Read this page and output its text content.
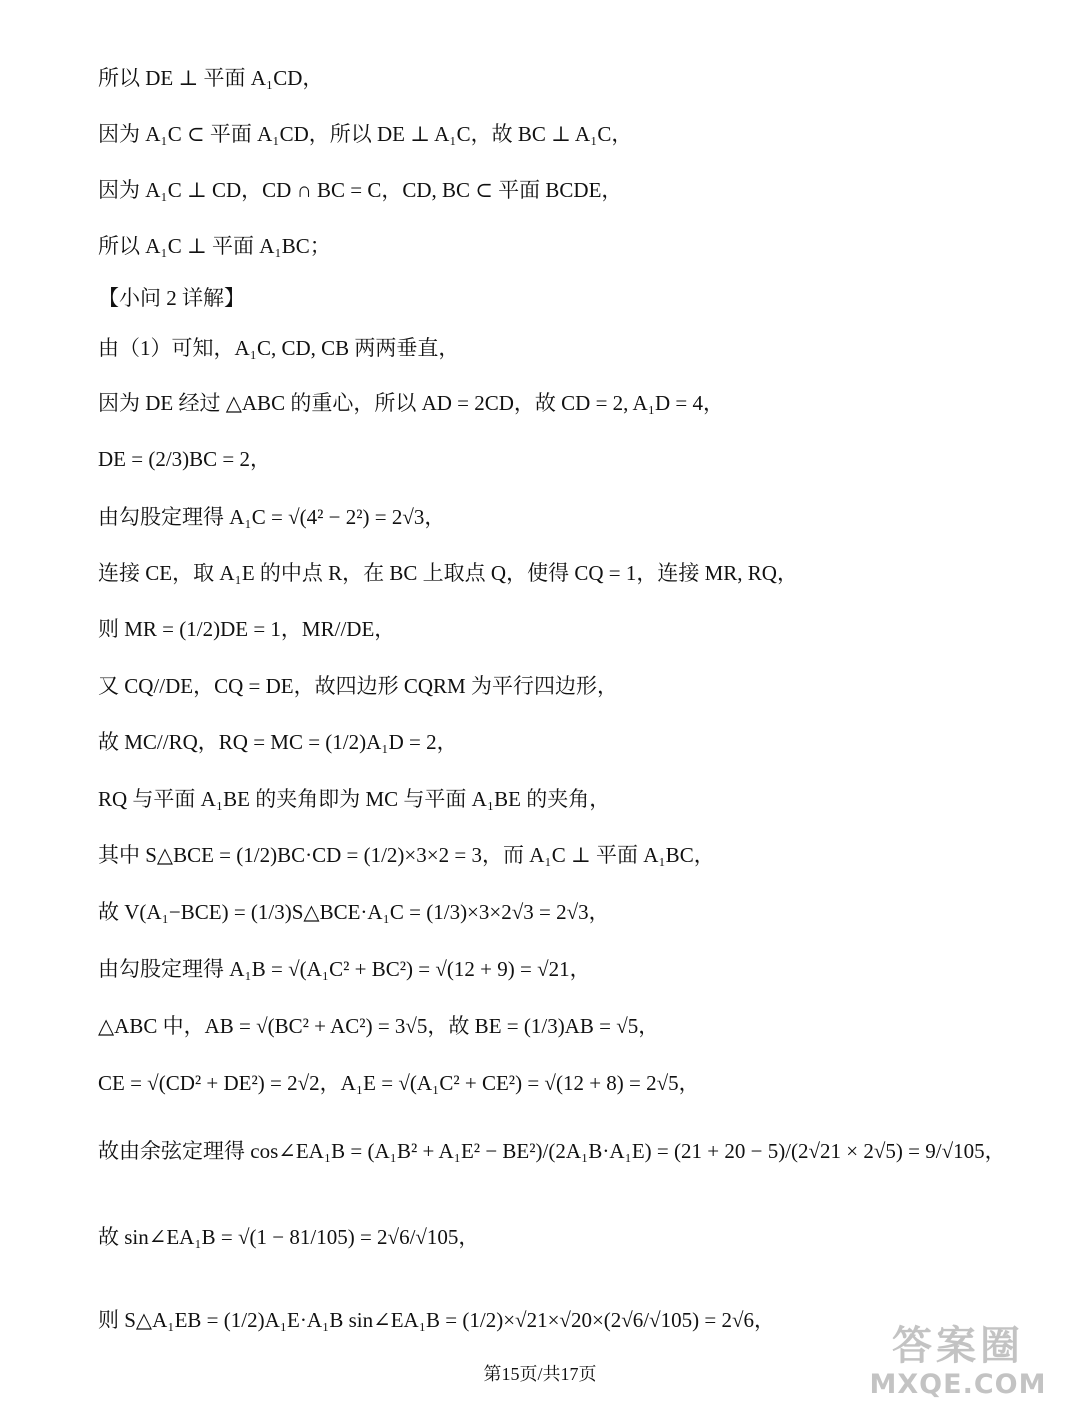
所以 DE ⊥ 平面 A₁CD，
因为 A₁C ⊂ 平面 A₁CD，所以 DE ⊥ A₁C，故 BC ⊥ A₁C，
因为 A₁C ⊥ CD，CD ∩ BC = C，CD, BC ⊂ 平面 BCDE，
所以 A₁C ⊥ 平面 A₁BC；
【小问 2 详解】
由（1）可知，A₁C, CD, CB 两两垂直，
因为 DE 经过 △ABC 的重心，所以 AD = 2CD，故 CD = 2, A₁D = 4，
DE = (2/3)BC = 2，
由勾股定理得 A₁C = √(4² − 2²) = 2√3，
连接 CE，取 A₁E 的中点 R，在 BC 上取点 Q，使得 CQ = 1，连接 MR, RQ，
则 MR = (1/2)DE = 1，MR//DE，
又 CQ//DE，CQ = DE，故四边形 CQRM 为平行四边形，
故 MC//RQ，RQ = MC = (1/2)A₁D = 2，
RQ 与平面 A₁BE 的夹角即为 MC 与平面 A₁BE 的夹角，
其中 S△BCE = (1/2)BC·CD = (1/2)×3×2 = 3，而 A₁C ⊥ 平面 A₁BC，
故 V(A₁−BCE) = (1/3)S△BCE·A₁C = (1/3)×3×2√3 = 2√3，
由勾股定理得 A₁B = √(A₁C² + BC²) = √(12 + 9) = √21，
△ABC 中，AB = √(BC² + AC²) = 3√5，故 BE = (1/3)AB = √5，
CE = √(CD² + DE²) = 2√2，A₁E = √(A₁C² + CE²) = √(12 + 8) = 2√5，
故由余弦定理得 cos∠EA₁B = (A₁B² + A₁E² − BE²)/(2A₁B·A₁E) = (21 + 20 − 5)/(2√21 × 2√5) = 9/√105，
故 sin∠EA₁B = √(1 − 81/105) = 2√6/√105，
则 S△A₁EB = (1/2)A₁E·A₁B sin∠EA₁B = (1/2)×√21×√20×(2√6/√105) = 2√6，
第15页/共17页
答案圈
MXQE.COM
